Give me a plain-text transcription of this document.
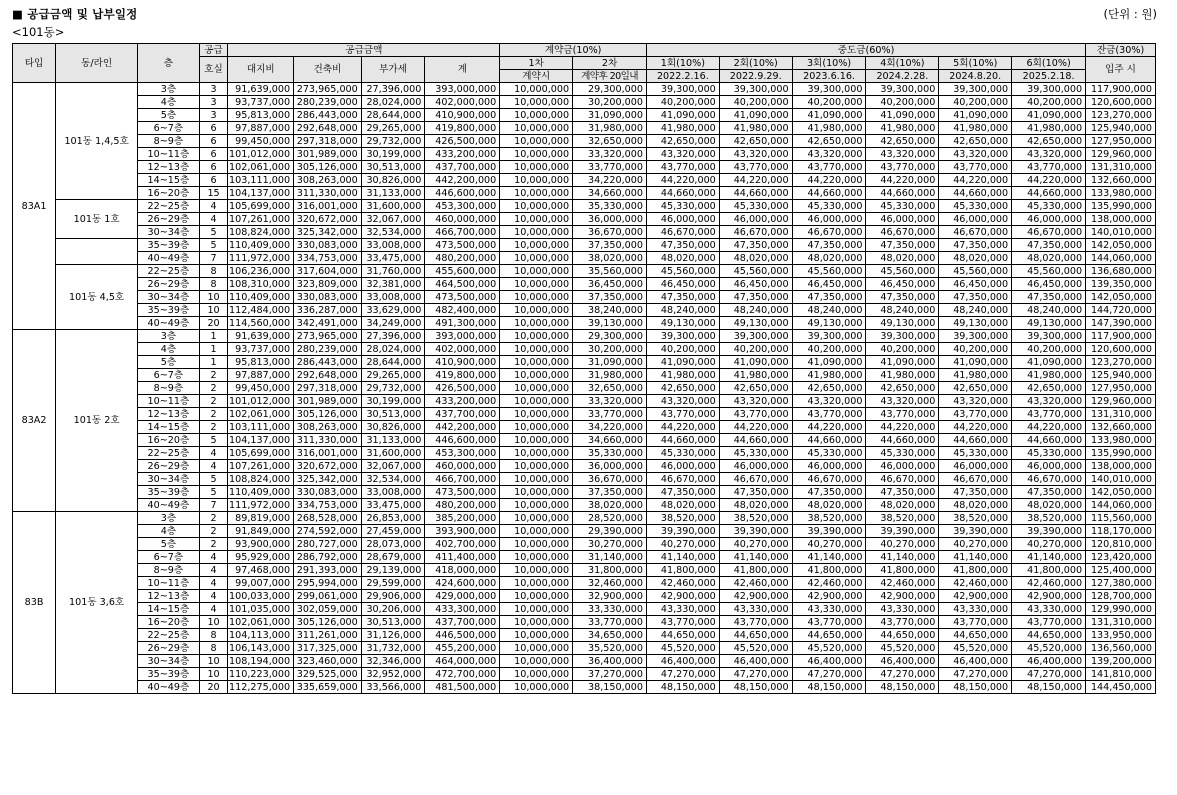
■ 공급금액 및 납부일정	(단위 : 원)
<101동>
타입	동/라인	층	공급	공급금액				계약금(10%)		중도금(60%)						잔금(30%)
			호실	대지비	건축비	부가세	계	1차	2차	1회(10%)	2회(10%)	3회(10%)	4회(10%)	5회(10%)	6회(10%)	입주 시
								계약시	계약후 20일내	2022.2.16.	2022.9.29.	2023.6.16.	2024.2.28.	2024.8.20.	2025.2.18.	
83A1	101동 1,4,5호	3층	3	91,639,000	273,965,000	27,396,000	393,000,000	10,000,000	29,300,000	39,300,000	39,300,000	39,300,000	39,300,000	39,300,000	39,300,000	117,900,000
		4층	3	93,737,000	280,239,000	28,024,000	402,000,000	10,000,000	30,200,000	40,200,000	40,200,000	40,200,000	40,200,000	40,200,000	40,200,000	120,600,000
		5층	3	95,813,000	286,443,000	28,644,000	410,900,000	10,000,000	31,090,000	41,090,000	41,090,000	41,090,000	41,090,000	41,090,000	41,090,000	123,270,000
		6~7층	6	97,887,000	292,648,000	29,265,000	419,800,000	10,000,000	31,980,000	41,980,000	41,980,000	41,980,000	41,980,000	41,980,000	41,980,000	125,940,000
		8~9층	6	99,450,000	297,318,000	29,732,000	426,500,000	10,000,000	32,650,000	42,650,000	42,650,000	42,650,000	42,650,000	42,650,000	42,650,000	127,950,000
		10~11층	6	101,012,000	301,989,000	30,199,000	433,200,000	10,000,000	33,320,000	43,320,000	43,320,000	43,320,000	43,320,000	43,320,000	43,320,000	129,960,000
		12~13층	6	102,061,000	305,126,000	30,513,000	437,700,000	10,000,000	33,770,000	43,770,000	43,770,000	43,770,000	43,770,000	43,770,000	43,770,000	131,310,000
		14~15층	6	103,111,000	308,263,000	30,826,000	442,200,000	10,000,000	34,220,000	44,220,000	44,220,000	44,220,000	44,220,000	44,220,000	44,220,000	132,660,000
		16~20층	15	104,137,000	311,330,000	31,133,000	446,600,000	10,000,000	34,660,000	44,660,000	44,660,000	44,660,000	44,660,000	44,660,000	44,660,000	133,980,000
	101동 1호	22~25층	4	105,699,000	316,001,000	31,600,000	453,300,000	10,000,000	35,330,000	45,330,000	45,330,000	45,330,000	45,330,000	45,330,000	45,330,000	135,990,000
		26~29층	4	107,261,000	320,672,000	32,067,000	460,000,000	10,000,000	36,000,000	46,000,000	46,000,000	46,000,000	46,000,000	46,000,000	46,000,000	138,000,000
		30~34층	5	108,824,000	325,342,000	32,534,000	466,700,000	10,000,000	36,670,000	46,670,000	46,670,000	46,670,000	46,670,000	46,670,000	46,670,000	140,010,000
		35~39층	5	110,409,000	330,083,000	33,008,000	473,500,000	10,000,000	37,350,000	47,350,000	47,350,000	47,350,000	47,350,000	47,350,000	47,350,000	142,050,000
		40~49층	7	111,972,000	334,753,000	33,475,000	480,200,000	10,000,000	38,020,000	48,020,000	48,020,000	48,020,000	48,020,000	48,020,000	48,020,000	144,060,000
	101동 4,5호	22~25층	8	106,236,000	317,604,000	31,760,000	455,600,000	10,000,000	35,560,000	45,560,000	45,560,000	45,560,000	45,560,000	45,560,000	45,560,000	136,680,000
		26~29층	8	108,310,000	323,809,000	32,381,000	464,500,000	10,000,000	36,450,000	46,450,000	46,450,000	46,450,000	46,450,000	46,450,000	46,450,000	139,350,000
		30~34층	10	110,409,000	330,083,000	33,008,000	473,500,000	10,000,000	37,350,000	47,350,000	47,350,000	47,350,000	47,350,000	47,350,000	47,350,000	142,050,000
		35~39층	10	112,484,000	336,287,000	33,629,000	482,400,000	10,000,000	38,240,000	48,240,000	48,240,000	48,240,000	48,240,000	48,240,000	48,240,000	144,720,000
		40~49층	20	114,560,000	342,491,000	34,249,000	491,300,000	10,000,000	39,130,000	49,130,000	49,130,000	49,130,000	49,130,000	49,130,000	49,130,000	147,390,000
83A2	101동 2호	3층	1	91,639,000	273,965,000	27,396,000	393,000,000	10,000,000	29,300,000	39,300,000	39,300,000	39,300,000	39,300,000	39,300,000	39,300,000	117,900,000
		4층	1	93,737,000	280,239,000	28,024,000	402,000,000	10,000,000	30,200,000	40,200,000	40,200,000	40,200,000	40,200,000	40,200,000	40,200,000	120,600,000
		5층	1	95,813,000	286,443,000	28,644,000	410,900,000	10,000,000	31,090,000	41,090,000	41,090,000	41,090,000	41,090,000	41,090,000	41,090,000	123,270,000
		6~7층	2	97,887,000	292,648,000	29,265,000	419,800,000	10,000,000	31,980,000	41,980,000	41,980,000	41,980,000	41,980,000	41,980,000	41,980,000	125,940,000
		8~9층	2	99,450,000	297,318,000	29,732,000	426,500,000	10,000,000	32,650,000	42,650,000	42,650,000	42,650,000	42,650,000	42,650,000	42,650,000	127,950,000
		10~11층	2	101,012,000	301,989,000	30,199,000	433,200,000	10,000,000	33,320,000	43,320,000	43,320,000	43,320,000	43,320,000	43,320,000	43,320,000	129,960,000
		12~13층	2	102,061,000	305,126,000	30,513,000	437,700,000	10,000,000	33,770,000	43,770,000	43,770,000	43,770,000	43,770,000	43,770,000	43,770,000	131,310,000
		14~15층	2	103,111,000	308,263,000	30,826,000	442,200,000	10,000,000	34,220,000	44,220,000	44,220,000	44,220,000	44,220,000	44,220,000	44,220,000	132,660,000
		16~20층	5	104,137,000	311,330,000	31,133,000	446,600,000	10,000,000	34,660,000	44,660,000	44,660,000	44,660,000	44,660,000	44,660,000	44,660,000	133,980,000
		22~25층	4	105,699,000	316,001,000	31,600,000	453,300,000	10,000,000	35,330,000	45,330,000	45,330,000	45,330,000	45,330,000	45,330,000	45,330,000	135,990,000
		26~29층	4	107,261,000	320,672,000	32,067,000	460,000,000	10,000,000	36,000,000	46,000,000	46,000,000	46,000,000	46,000,000	46,000,000	46,000,000	138,000,000
		30~34층	5	108,824,000	325,342,000	32,534,000	466,700,000	10,000,000	36,670,000	46,670,000	46,670,000	46,670,000	46,670,000	46,670,000	46,670,000	140,010,000
		35~39층	5	110,409,000	330,083,000	33,008,000	473,500,000	10,000,000	37,350,000	47,350,000	47,350,000	47,350,000	47,350,000	47,350,000	47,350,000	142,050,000
		40~49층	7	111,972,000	334,753,000	33,475,000	480,200,000	10,000,000	38,020,000	48,020,000	48,020,000	48,020,000	48,020,000	48,020,000	48,020,000	144,060,000
83B	101동 3,6호	3층	2	89,819,000	268,528,000	26,853,000	385,200,000	10,000,000	28,520,000	38,520,000	38,520,000	38,520,000	38,520,000	38,520,000	38,520,000	115,560,000
		4층	2	91,849,000	274,592,000	27,459,000	393,900,000	10,000,000	29,390,000	39,390,000	39,390,000	39,390,000	39,390,000	39,390,000	39,390,000	118,170,000
		5층	2	93,900,000	280,727,000	28,073,000	402,700,000	10,000,000	30,270,000	40,270,000	40,270,000	40,270,000	40,270,000	40,270,000	40,270,000	120,810,000
		6~7층	4	95,929,000	286,792,000	28,679,000	411,400,000	10,000,000	31,140,000	41,140,000	41,140,000	41,140,000	41,140,000	41,140,000	41,140,000	123,420,000
		8~9층	4	97,468,000	291,393,000	29,139,000	418,000,000	10,000,000	31,800,000	41,800,000	41,800,000	41,800,000	41,800,000	41,800,000	41,800,000	125,400,000
		10~11층	4	99,007,000	295,994,000	29,599,000	424,600,000	10,000,000	32,460,000	42,460,000	42,460,000	42,460,000	42,460,000	42,460,000	42,460,000	127,380,000
		12~13층	4	100,033,000	299,061,000	29,906,000	429,000,000	10,000,000	32,900,000	42,900,000	42,900,000	42,900,000	42,900,000	42,900,000	42,900,000	128,700,000
		14~15층	4	101,035,000	302,059,000	30,206,000	433,300,000	10,000,000	33,330,000	43,330,000	43,330,000	43,330,000	43,330,000	43,330,000	43,330,000	129,990,000
		16~20층	10	102,061,000	305,126,000	30,513,000	437,700,000	10,000,000	33,770,000	43,770,000	43,770,000	43,770,000	43,770,000	43,770,000	43,770,000	131,310,000
		22~25층	8	104,113,000	311,261,000	31,126,000	446,500,000	10,000,000	34,650,000	44,650,000	44,650,000	44,650,000	44,650,000	44,650,000	44,650,000	133,950,000
		26~29층	8	106,143,000	317,325,000	31,732,000	455,200,000	10,000,000	35,520,000	45,520,000	45,520,000	45,520,000	45,520,000	45,520,000	45,520,000	136,560,000
		30~34층	10	108,194,000	323,460,000	32,346,000	464,000,000	10,000,000	36,400,000	46,400,000	46,400,000	46,400,000	46,400,000	46,400,000	46,400,000	139,200,000
		35~39층	10	110,223,000	329,525,000	32,952,000	472,700,000	10,000,000	37,270,000	47,270,000	47,270,000	47,270,000	47,270,000	47,270,000	47,270,000	141,810,000
		40~49층	20	112,275,000	335,659,000	33,566,000	481,500,000	10,000,000	38,150,000	48,150,000	48,150,000	48,150,000	48,150,000	48,150,000	48,150,000	144,450,000
